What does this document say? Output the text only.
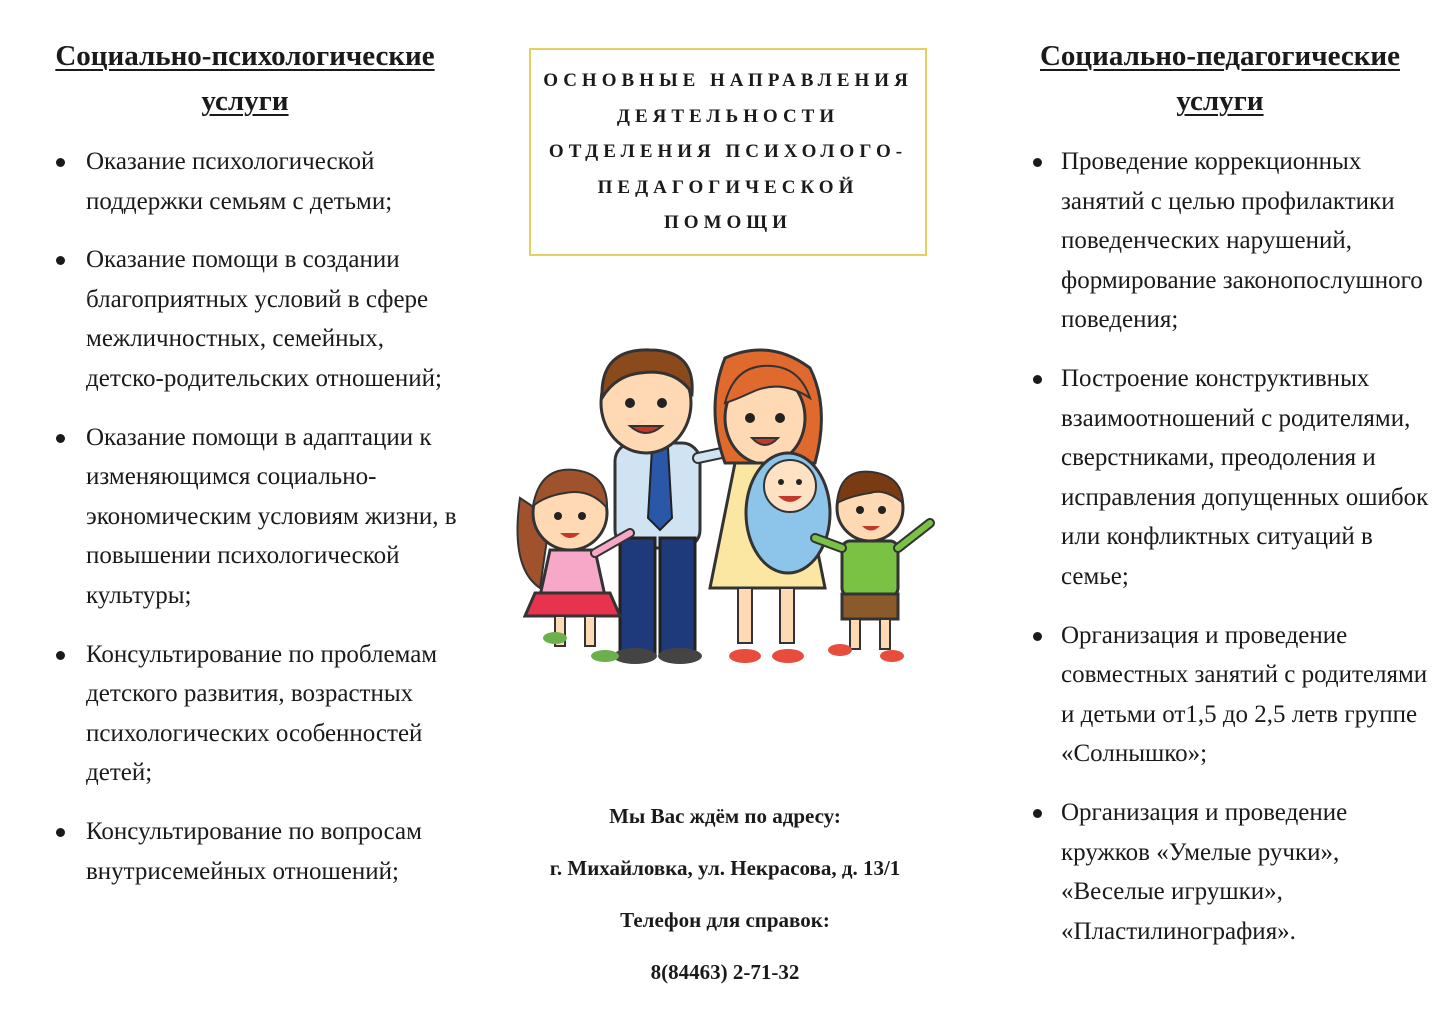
Социально-психологические
услуги
Оказание психологической поддержки семьям с детьми;
Оказание помощи в создании благоприятных условий в сфере межличностных, семейных, детско-родительских отношений;
Оказание помощи в адаптации к изменяющимся социально-экономическим условиям жизни, в повышении психологической культуры;
Консультирование по проблемам детского развития, возрастных психологических особенностей детей;
Консультирование по вопросам внутрисемейных отношений;

ОСНОВНЫЕ НАПРАВЛЕНИЯ
ДЕЯТЕЛЬНОСТИ
ОТДЕЛЕНИЯ ПСИХОЛОГО-
ПЕДАГОГИЧЕСКОЙ
ПОМОЩИ

Мы Вас ждём по адресу:
г. Михайловка, ул. Некрасова, д. 13/1
Телефон для справок:
8(84463) 2-71-32
Социально-педагогические
услуги
Проведение коррекционных занятий с целью профилактики поведенческих нарушений, формирование законопослушного поведения;
Построение конструктивных взаимоотношений с родителями, сверстниками, преодоления и исправления допущенных ошибок или конфликтных ситуаций в семье;
Организация и проведение совместных занятий с родителями и детьми от1,5 до 2,5 летв группе «Солнышко»;
Организация и проведение кружков «Умелые ручки», «Веселые игрушки», «Пластилинография».
